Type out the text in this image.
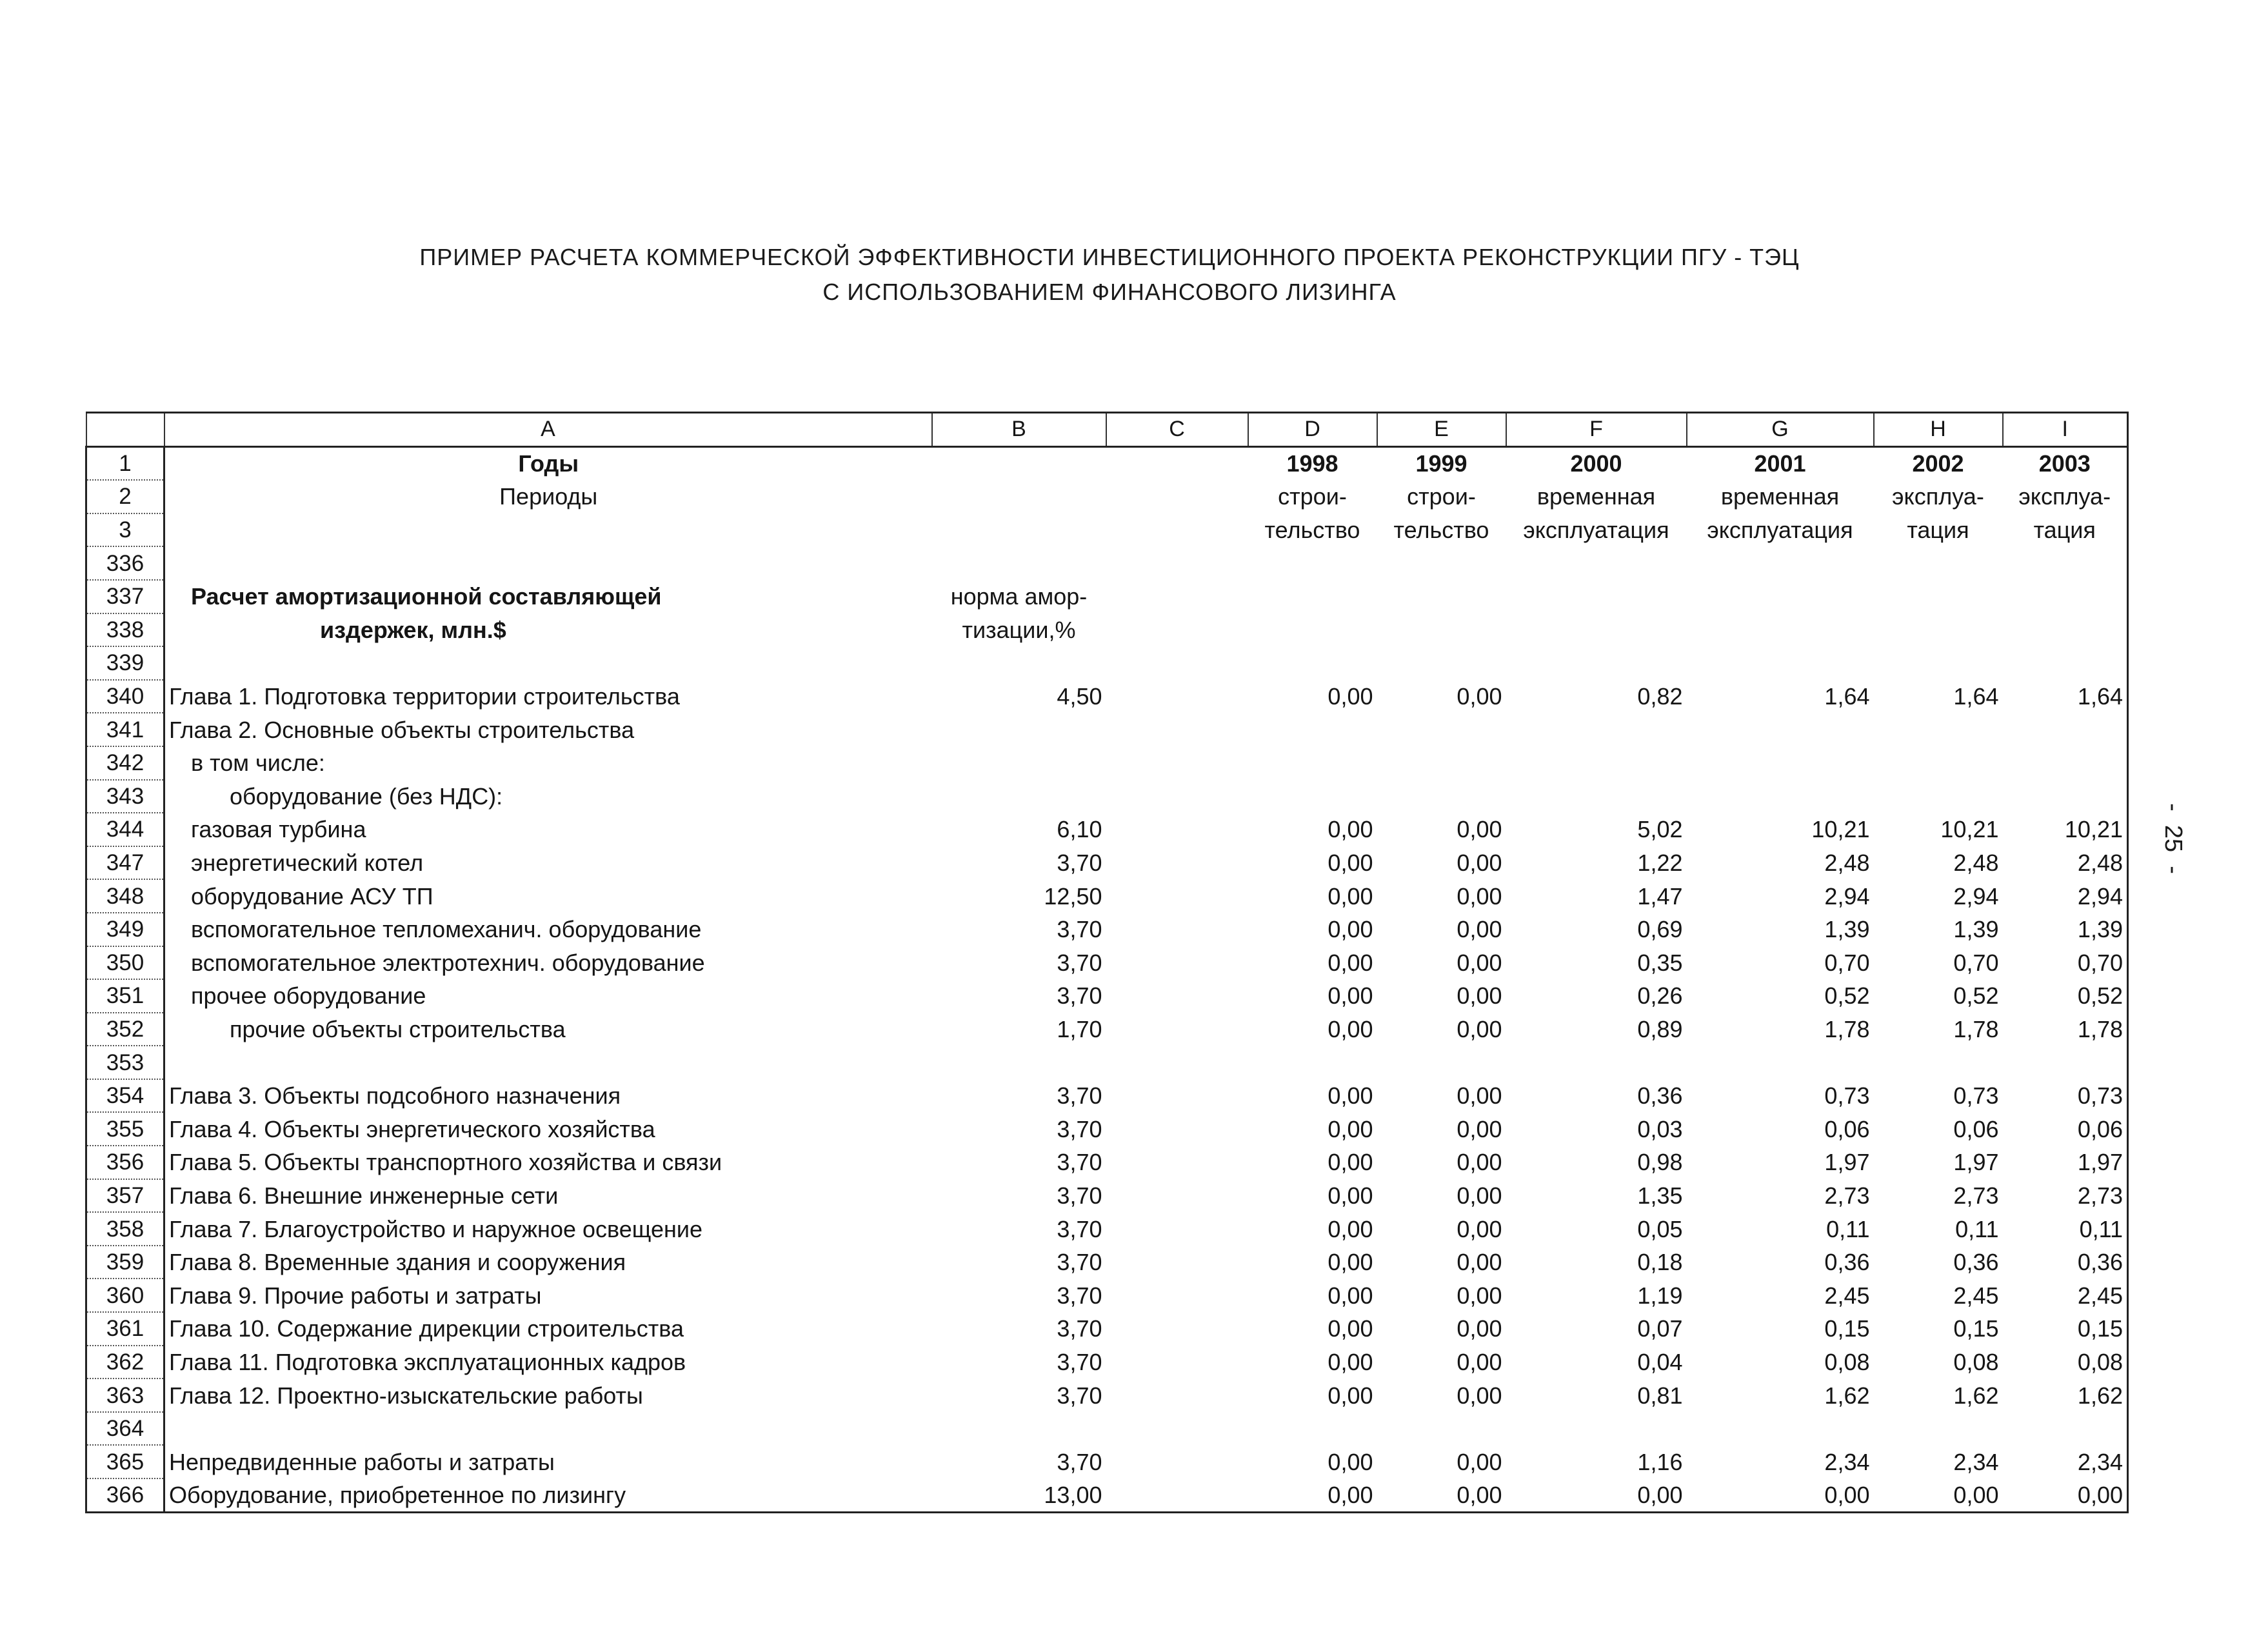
ПРИМЕР РАСЧЕТА КОММЕРЧЕСКОЙ ЭФФЕКТИВНОСТИ ИНВЕСТИЦИОННОГО ПРОЕКТА РЕКОНСТРУКЦИИ ПГУ - ТЭЦ
С ИСПОЛЬЗОВАНИЕМ ФИНАНСОВОГО ЛИЗИНГА
-  25  -
	A	B	C	D	E	F	G	H	I
1	Годы			1998	1999	2000	2001	2002	2003
2	Периоды			строи-	строи-	временная	временная	эксплуа-	эксплуа-
3				тельство	тельство	эксплуатация	эксплуатация	тация	тация
336									
337	Расчет амортизационной составляющей	норма амор-							
338	издержек, млн.$	тизации,%							
339									
340	Глава 1. Подготовка территории строительства	4,50		0,00	0,00	0,82	1,64	1,64	1,64
341	Глава 2. Основные объекты строительства								
342	в том числе:								
343	оборудование (без НДС):								
344	газовая турбина	6,10		0,00	0,00	5,02	10,21	10,21	10,21
347	энергетический котел	3,70		0,00	0,00	1,22	2,48	2,48	2,48
348	оборудование АСУ ТП	12,50		0,00	0,00	1,47	2,94	2,94	2,94
349	вспомогательное тепломеханич. оборудование	3,70		0,00	0,00	0,69	1,39	1,39	1,39
350	вспомогательное электротехнич. оборудование	3,70		0,00	0,00	0,35	0,70	0,70	0,70
351	прочее оборудование	3,70		0,00	0,00	0,26	0,52	0,52	0,52
352	прочие объекты строительства	1,70		0,00	0,00	0,89	1,78	1,78	1,78
353									
354	Глава 3. Объекты подсобного назначения	3,70		0,00	0,00	0,36	0,73	0,73	0,73
355	Глава 4. Объекты энергетического хозяйства	3,70		0,00	0,00	0,03	0,06	0,06	0,06
356	Глава 5. Объекты транспортного хозяйства и связи	3,70		0,00	0,00	0,98	1,97	1,97	1,97
357	Глава 6. Внешние инженерные сети	3,70		0,00	0,00	1,35	2,73	2,73	2,73
358	Глава 7. Благоустройство и наружное освещение	3,70		0,00	0,00	0,05	0,11	0,11	0,11
359	Глава 8. Временные здания и сооружения	3,70		0,00	0,00	0,18	0,36	0,36	0,36
360	Глава 9. Прочие работы и затраты	3,70		0,00	0,00	1,19	2,45	2,45	2,45
361	Глава 10. Содержание дирекции строительства	3,70		0,00	0,00	0,07	0,15	0,15	0,15
362	Глава 11. Подготовка эксплуатационных кадров	3,70		0,00	0,00	0,04	0,08	0,08	0,08
363	Глава 12. Проектно-изыскательские работы	3,70		0,00	0,00	0,81	1,62	1,62	1,62
364									
365	Непредвиденные работы и затраты	3,70		0,00	0,00	1,16	2,34	2,34	2,34
366	Оборудование, приобретенное по лизингу	13,00		0,00	0,00	0,00	0,00	0,00	0,00
